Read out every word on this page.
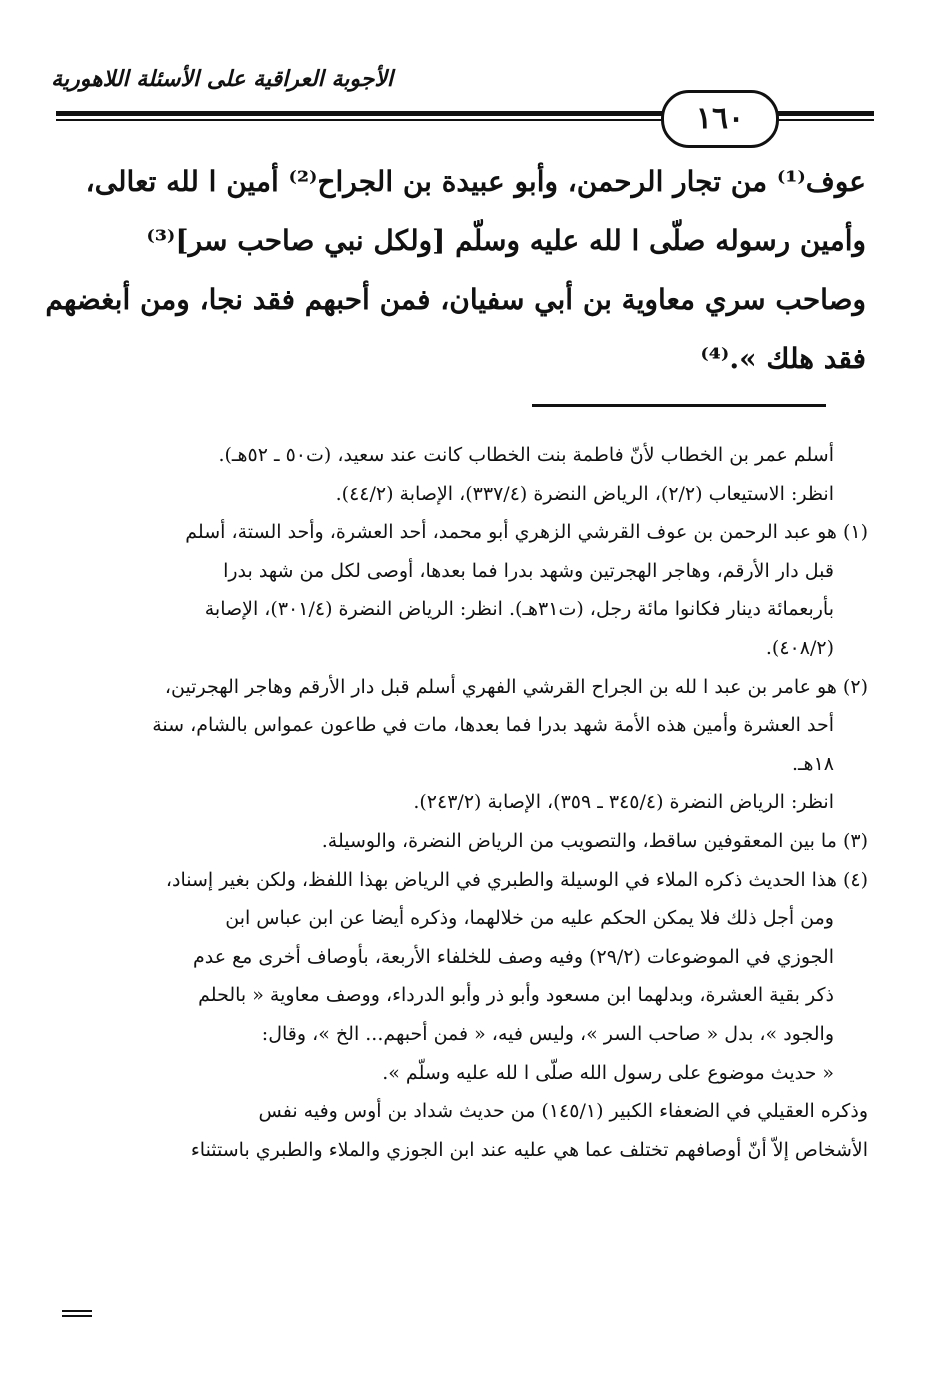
الأجوبة العراقية على الأسئلة اللاهورية
١٦٠
عوف⁽¹⁾ من تجار الرحمن، وأبو عبيدة بن الجراح⁽²⁾ أمين ا لله تعالى،
وأمين رسوله صلّى ا لله عليه وسلّم [ولكل نبي صاحب سر]⁽³⁾
وصاحب سري معاوية بن أبي سفيان، فمن أحبهم فقد نجا، ومن أبغضهم
فقد هلك ».⁽⁴⁾
أسلم عمر بن الخطاب لأنّ فاطمة بنت الخطاب كانت عند سعيد، (ت٥٠ ـ ٥٢هـ).
انظر: الاستيعاب (٢/٢)، الرياض النضرة (٣٣٧/٤)، الإصابة (٤٤/٢).
(١) هو عبد الرحمن بن عوف القرشي الزهري أبو محمد، أحد العشرة، وأحد الستة، أسلم
قبل دار الأرقم، وهاجر الهجرتين وشهد بدرا فما بعدها، أوصى لكل من شهد بدرا
بأربعمائة دينار فكانوا مائة رجل، (ت٣١هـ). انظر: الرياض النضرة (٣٠١/٤)، الإصابة
(٤٠٨/٢).
(٢) هو عامر بن عبد ا لله بن الجراح القرشي الفهري أسلم قبل دار الأرقم وهاجر الهجرتين،
أحد العشرة وأمين هذه الأمة شهد بدرا فما بعدها، مات في طاعون عمواس بالشام، سنة
١٨هـ.
انظر: الرياض النضرة (٣٤٥/٤ ـ ٣٥٩)، الإصابة (٢٤٣/٢).
(٣) ما بين المعقوفين ساقط، والتصويب من الرياض النضرة، والوسيلة.
(٤) هذا الحديث ذكره الملاء في الوسيلة والطبري في الرياض بهذا اللفظ، ولكن بغير إسناد،
ومن أجل ذلك فلا يمكن الحكم عليه من خلالهما، وذكره أيضا عن ابن عباس ابن
الجوزي في الموضوعات (٢٩/٢) وفيه وصف للخلفاء الأربعة، بأوصاف أخرى مع عدم
ذكر بقية العشرة، وبدلهما ابن مسعود وأبو ذر وأبو الدرداء، ووصف معاوية « بالحلم
والجود »، بدل « صاحب السر »، وليس فيه، « فمن أحبهم... الخ »، وقال:
« حديث موضوع على رسول الله صلّى ا لله عليه وسلّم ».
وذكره العقيلي في الضعفاء الكبير (١٤٥/١) من حديث شداد بن أوس وفيه نفس
الأشخاص إلاّ أنّ أوصافهم تختلف عما هي عليه عند ابن الجوزي والملاء والطبري باستثناء
